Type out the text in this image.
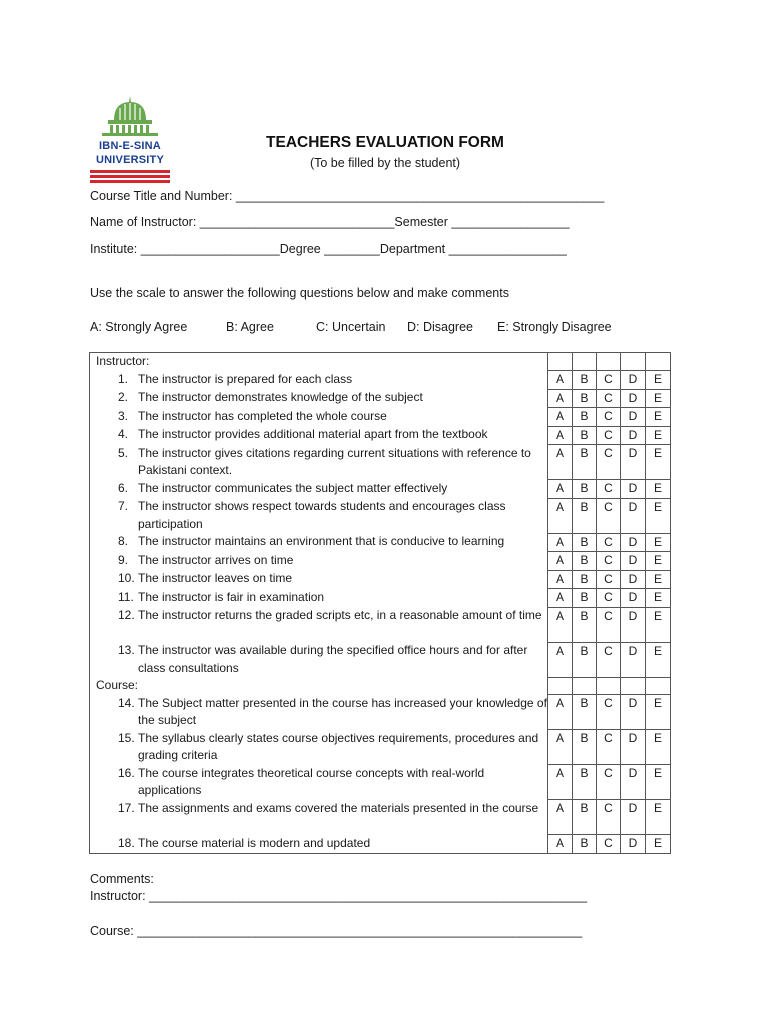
IBN-E-SINA
UNIVERSITY
TEACHERS EVALUATION FORM
(To be filled by the student)
Course Title and Number: _____________________________________________________
Name of Instructor: ____________________________Semester _________________
Institute: ____________________Degree ________Department _________________
Use the scale to answer the following questions below and make comments
A: Strongly Agree	B: Agree	C: Uncertain D: Disagree E: Strongly Disagree
Instructor:					

1. The instructor is prepared for each class	A	B	C	D	E

2. The instructor demonstrates knowledge of the subject	A	B	C	D	E

3. The instructor has completed the whole course	A	B	C	D	E

4. The instructor provides additional material apart from the textbook	A	B	C	D	E

5. The instructor gives citations regarding current situations with reference to Pakistani context.	A	B	C	D	E

6. The instructor communicates the subject matter effectively	A	B	C	D	E

7. The instructor shows respect towards students and encourages class participation	A	B	C	D	E

8. The instructor maintains an environment that is conducive to learning	A	B	C	D	E

9. The instructor arrives on time	A	B	C	D	E

10. The instructor leaves on time	A	B	C	D	E

11. The instructor is fair in examination	A	B	C	D	E

12. The instructor returns the graded scripts etc, in a reasonable amount of time	A	B	C	D	E

13. The instructor was available during the specified office hours and for after class consultations	A	B	C	D	E

Course:					

14. The Subject matter presented in the course has increased your knowledge of the subject	A	B	C	D	E

15. The syllabus clearly states course objectives requirements, procedures and grading criteria	A	B	C	D	E

16. The course integrates theoretical course concepts with real-world applications	A	B	C	D	E

17. The assignments and exams covered the materials presented in the course	A	B	C	D	E

18. The course material is modern and updated	A	B	C	D	E
Comments:
Instructor: _______________________________________________________________
Course: ________________________________________________________________
